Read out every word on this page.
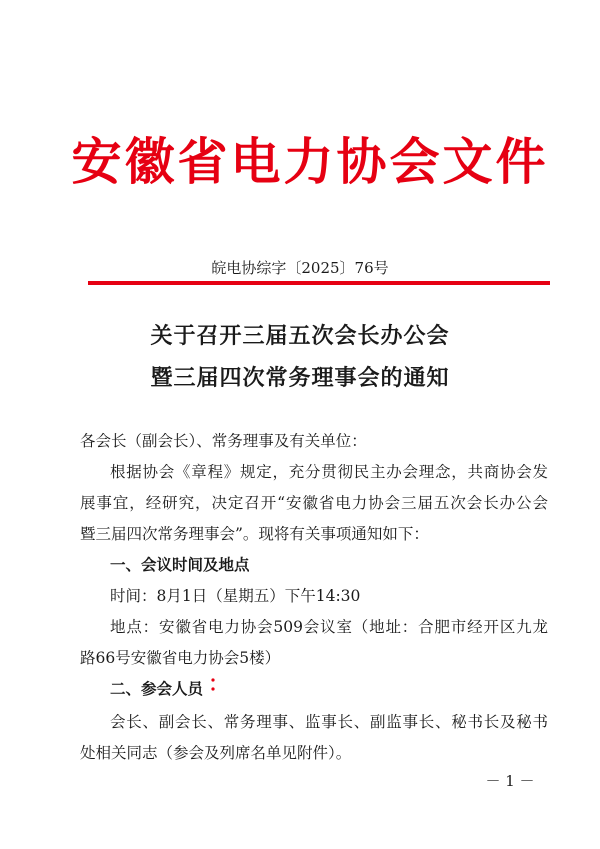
安徽省电力协会文件
皖电协综字〔2025〕76号
关于召开三届五次会长办公会
暨三届四次常务理事会的通知
各会长（副会长）、常务理事及有关单位：
根据协会《章程》规定，充分贯彻民主办会理念，共商协会发
展事宜，经研究，决定召开“安徽省电力协会三届五次会长办公会
暨三届四次常务理事会”。现将有关事项通知如下：
一、会议时间及地点
时间：8月1日（星期五）下午14:30
地点：安徽省电力协会509会议室（地址：合肥市经开区九龙
路66号安徽省电力协会5楼）
二、参会人员
会长、副会长、常务理事、监事长、副监事长、秘书长及秘书
处相关同志（参会及列席名单见附件）。
－ 1 －
